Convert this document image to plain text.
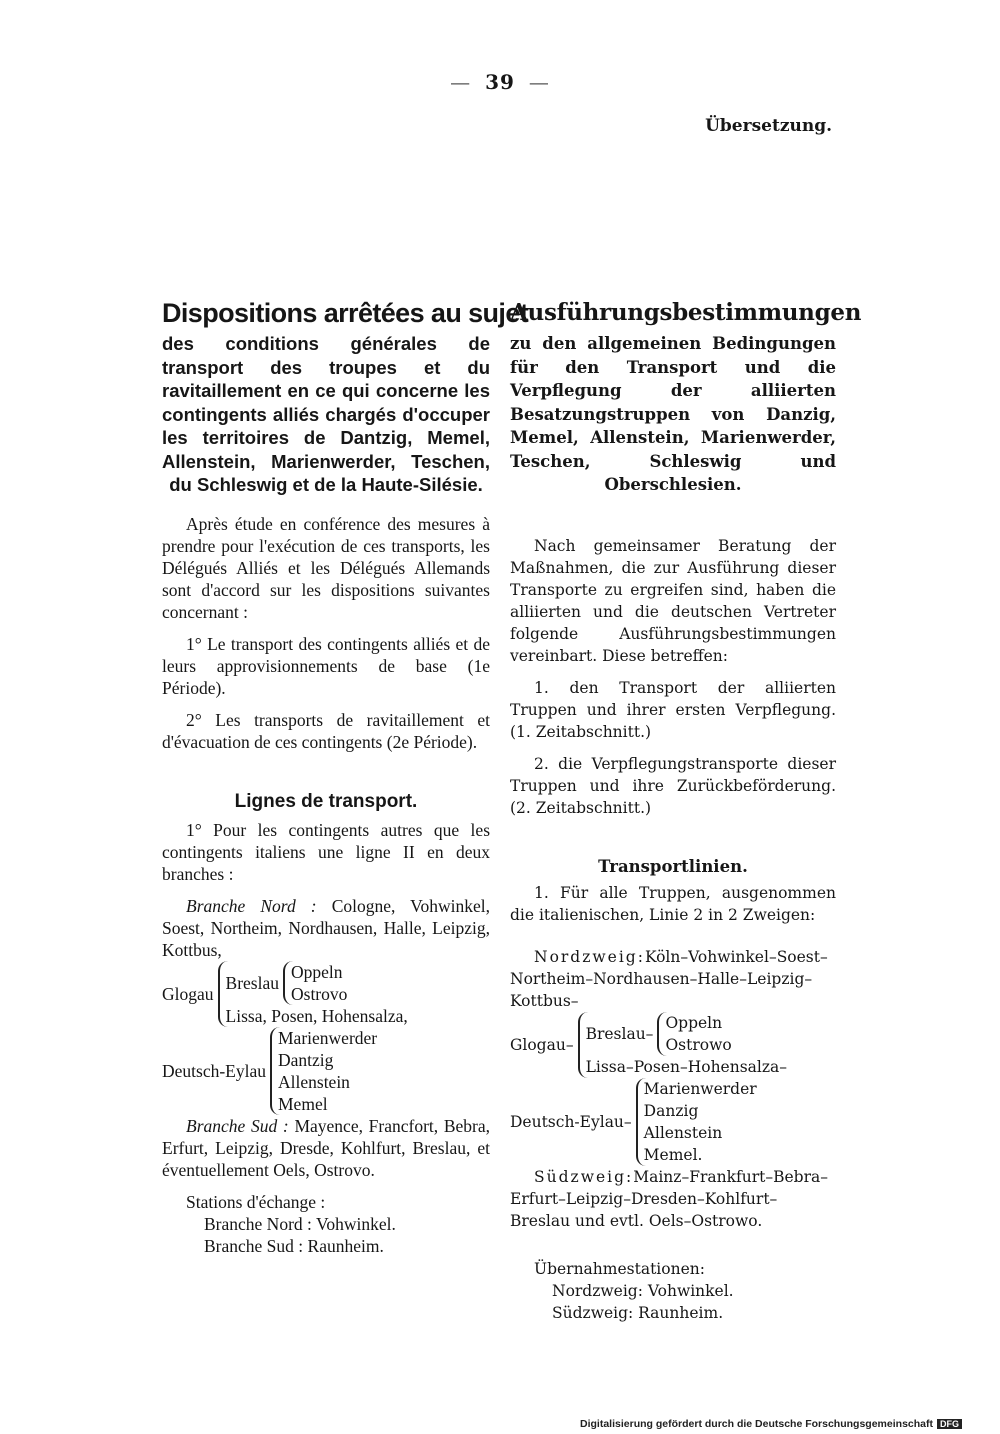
— 39 —
Übersetzung.
Dispositions arrêtées au sujet
des conditions générales de transport des troupes et du ravitaillement en ce qui concerne les contingents alliés chargés d'occuper les territoires de Dantzig, Memel, Allenstein, Marienwerder, Teschen, du Schleswig et de la Haute-Silésie.

Après étude en conférence des mesures à prendre pour l'exécution de ces transports, les Délégués Alliés et les Délégués Allemands sont d'accord sur les dispositions suivantes concernant :

1° Le transport des contingents alliés et de leurs approvisionnements de base (1e Période).

2° Les transports de ravitaillement et d'évacuation de ces contingents (2e Période).

Lignes de transport.

1° Pour les contingents autres que les contingents italiens une ligne II en deux branches :

Branche Nord : Cologne, Vohwinkel, Soest, Northeim, Nordhausen, Halle, Leipzig, Kottbus,

Glogau
Breslau
Oppeln
Ostrovo
Lissa, Posen, Hohensalza,
Deutsch-Eylau
Marienwerder
Dantzig
Allenstein
Memel

Branche Sud : Mayence, Francfort, Bebra, Erfurt, Leipzig, Dresde, Kohlfurt, Breslau, et éventuellement Oels, Ostrovo.

Stations d'échange :

Branche Nord : Vohwinkel.
Branche Sud : Raunheim.
Ausführungsbestimmungen
zu den allgemeinen Bedingungen für den Transport und die Verpflegung der alliierten Besatzungstruppen von Danzig, Memel, Allenstein, Marienwerder, Teschen, Schleswig und Oberschlesien.

Nach gemeinsamer Beratung der Maßnahmen, die zur Ausführung dieser Transporte zu ergreifen sind, haben die alliierten und die deutschen Vertreter folgende Ausführungsbestimmungen vereinbart. Diese betreffen:

1. den Transport der alliierten Truppen und ihrer ersten Verpflegung. (1. Zeitabschnitt.)

2. die Verpflegungstransporte dieser Truppen und ihre Zurückbeförderung. (2. Zeitabschnitt.)

Transportlinien.

1. Für alle Truppen, ausgenommen die italienischen, Linie 2 in 2 Zweigen:

Nordzweig:Köln–Vohwinkel–Soest–Northeim–Nordhausen–Halle–Leipzig–Kottbus–

Glogau–
Breslau–
Oppeln
Ostrowo
Lissa–Posen–Hohensalza–
Deutsch-Eylau–
Marienwerder
Danzig
Allenstein
Memel.

Südzweig:Mainz–Frankfurt–Bebra–Erfurt–Leipzig–Dresden–Kohlfurt–Breslau und evtl. Oels–Ostrowo.

Übernahmestationen:

Nordzweig: Vohwinkel.
Südzweig: Raunheim.
Digitalisierung gefördert durch die Deutsche Forschungsgemeinschaft DFG
